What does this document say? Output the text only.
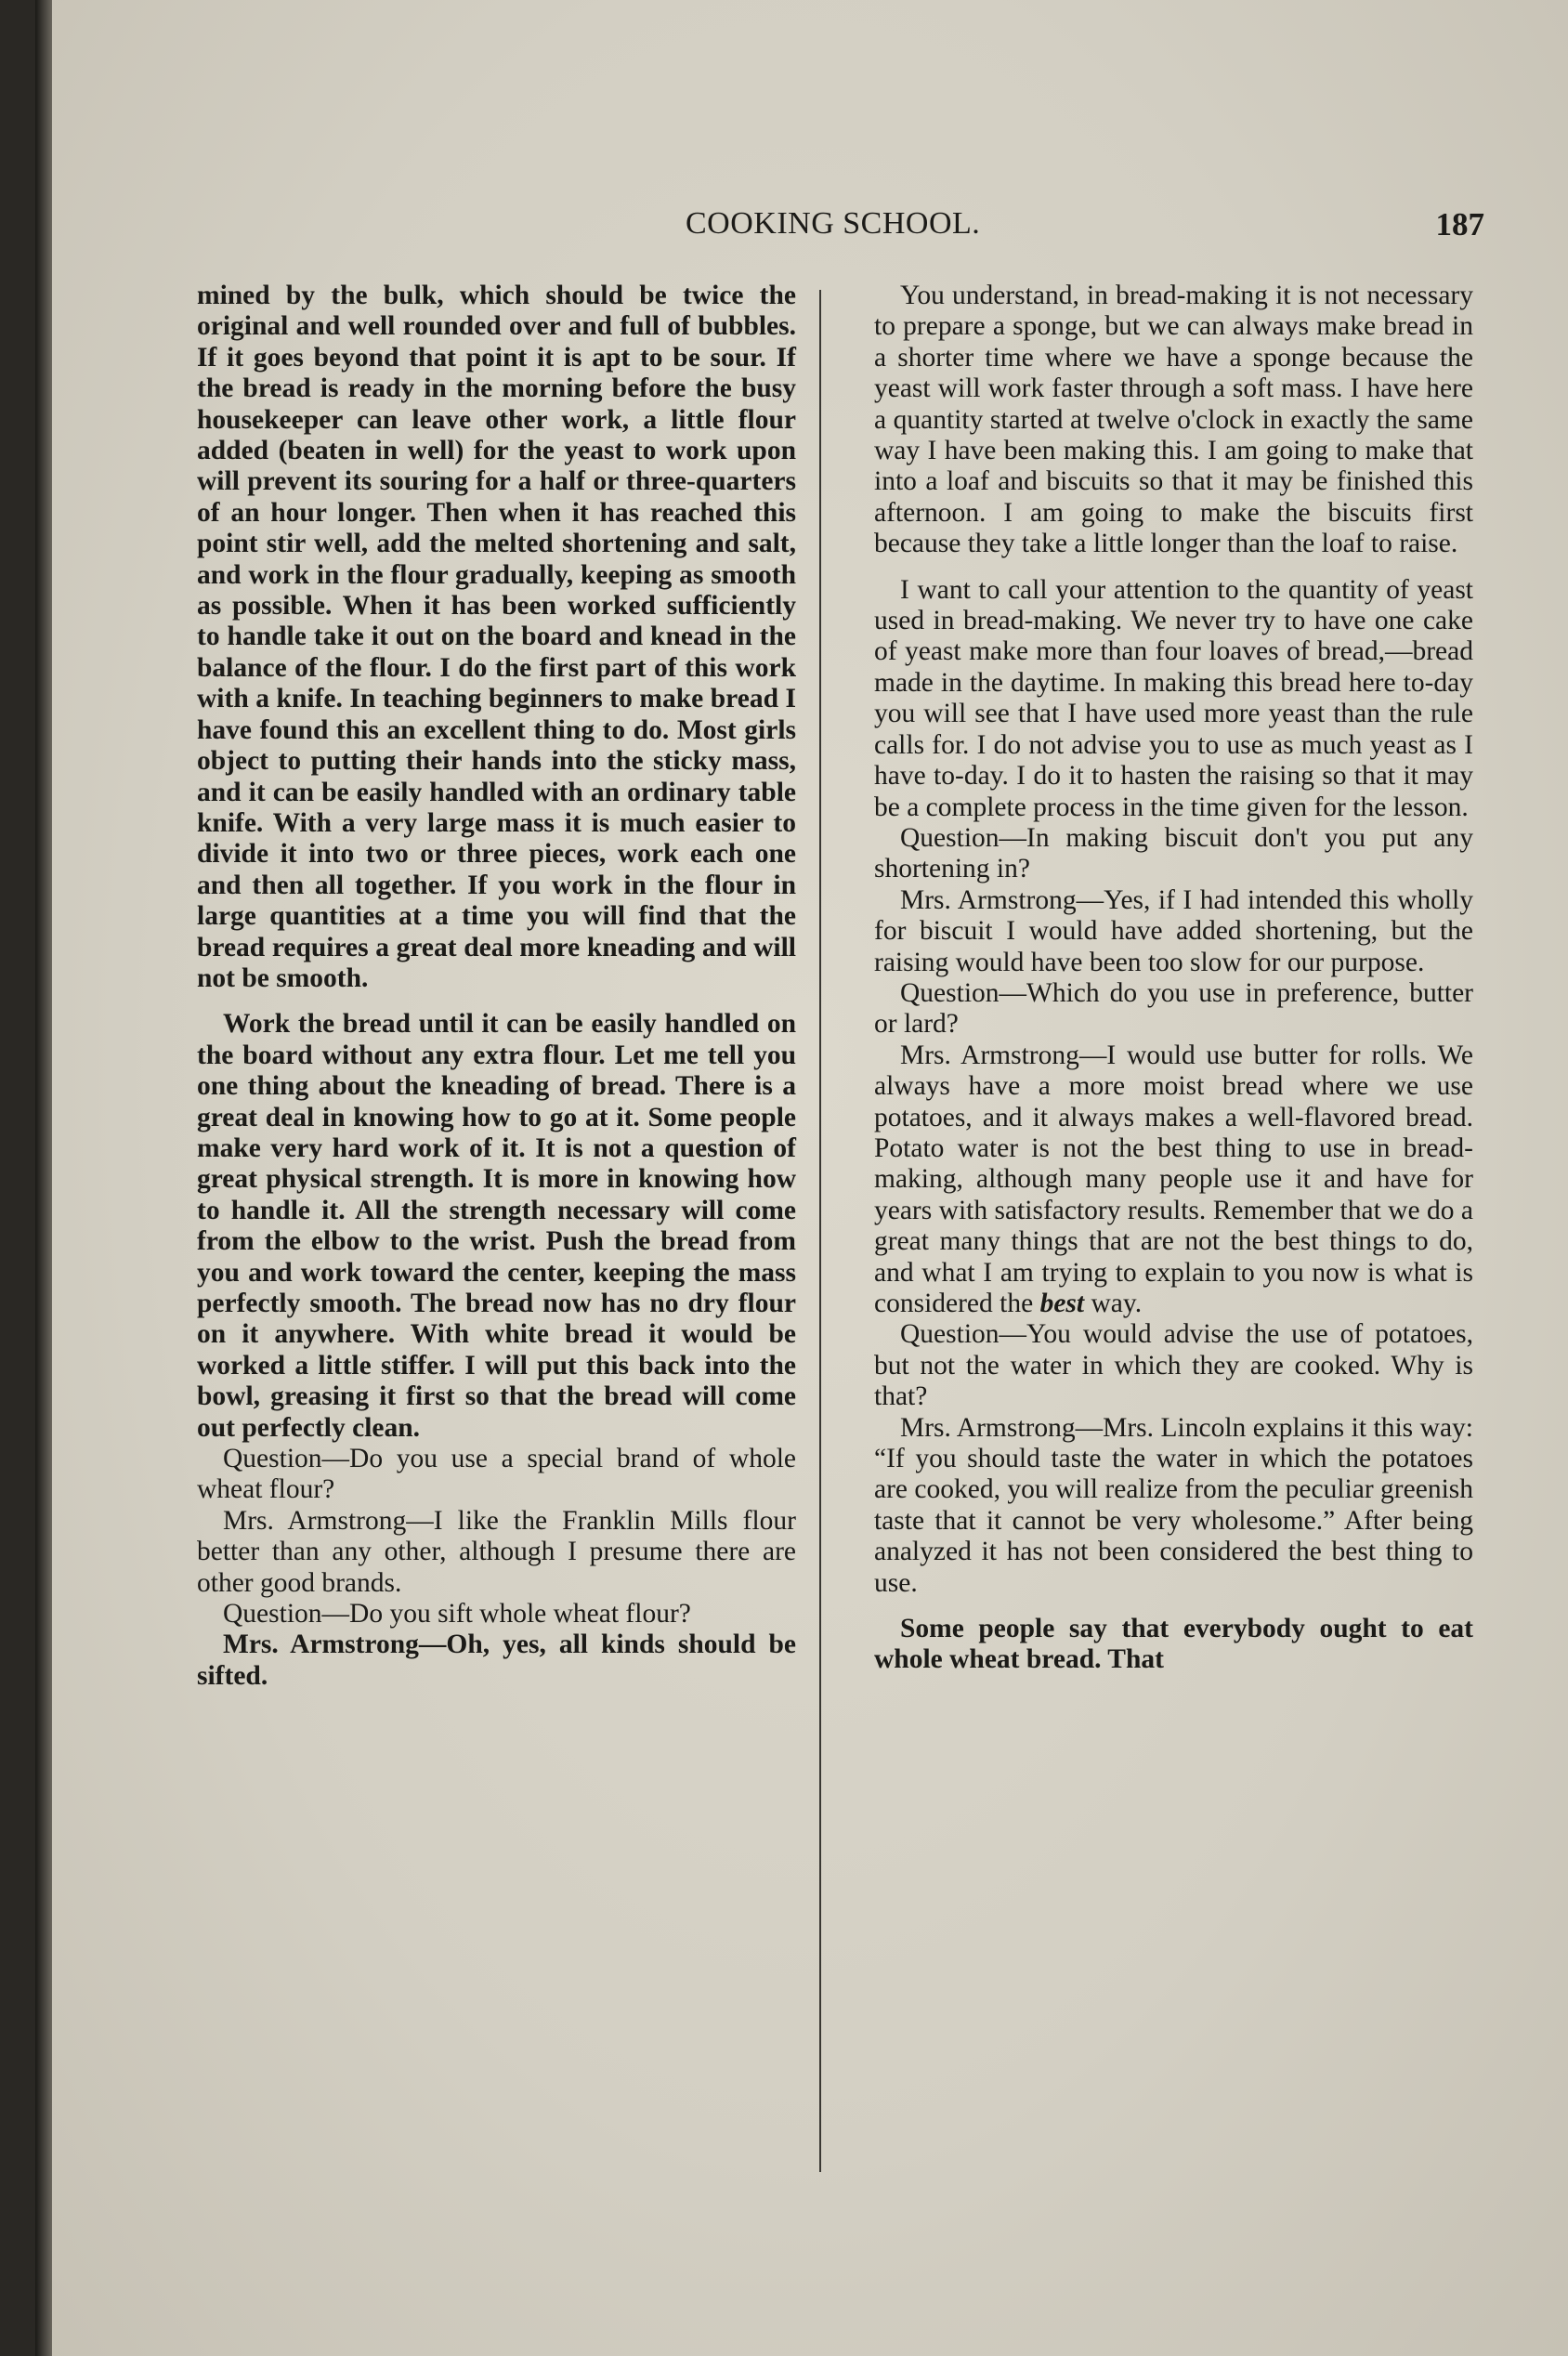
COOKING SCHOOL.	187

mined by the bulk, which should be twice the original and well rounded over and full of bubbles. If it goes beyond that point it is apt to be sour. If the bread is ready in the morning before the busy housekeeper can leave other work, a little flour added (beaten in well) for the yeast to work upon will prevent its souring for a half or three-quarters of an hour longer. Then when it has reached this point stir well, add the melted shortening and salt, and work in the flour gradually, keeping as smooth as possible. When it has been worked sufficiently to handle take it out on the board and knead in the balance of the flour. I do the first part of this work with a knife. In teaching beginners to make bread I have found this an excellent thing to do. Most girls object to putting their hands into the sticky mass, and it can be easily handled with an ordinary table knife. With a very large mass it is much easier to divide it into two or three pieces, work each one and then all together. If you work in the flour in large quantities at a time you will find that the bread requires a great deal more kneading and will not be smooth.

Work the bread until it can be easily handled on the board without any extra flour. Let me tell you one thing about the kneading of bread. There is a great deal in knowing how to go at it. Some people make very hard work of it. It is not a question of great physical strength. It is more in knowing how to handle it. All the strength necessary will come from the elbow to the wrist. Push the bread from you and work toward the center, keeping the mass perfectly smooth. The bread now has no dry flour on it anywhere. With white bread it would be worked a little stiffer. I will put this back into the bowl, greasing it first so that the bread will come out perfectly clean.

Question—Do you use a special brand of whole wheat flour?

Mrs. Armstrong—I like the Franklin Mills flour better than any other, although I presume there are other good brands.

Question—Do you sift whole wheat flour?

Mrs. Armstrong—Oh, yes, all kinds should be sifted.

You understand, in bread-making it is not necessary to prepare a sponge, but we can always make bread in a shorter time where we have a sponge because the yeast will work faster through a soft mass. I have here a quantity started at twelve o'clock in exactly the same way I have been making this. I am going to make that into a loaf and biscuits so that it may be finished this afternoon. I am going to make the biscuits first because they take a little longer than the loaf to raise.

I want to call your attention to the quantity of yeast used in bread-making. We never try to have one cake of yeast make more than four loaves of bread,—bread made in the daytime. In making this bread here to-day you will see that I have used more yeast than the rule calls for. I do not advise you to use as much yeast as I have to-day. I do it to hasten the raising so that it may be a complete process in the time given for the lesson.

Question—In making biscuit don't you put any shortening in?

Mrs. Armstrong—Yes, if I had intended this wholly for biscuit I would have added shortening, but the raising would have been too slow for our purpose.

Question—Which do you use in preference, butter or lard?

Mrs. Armstrong—I would use butter for rolls. We always have a more moist bread where we use potatoes, and it always makes a well-flavored bread. Potato water is not the best thing to use in bread-making, although many people use it and have for years with satisfactory results. Remember that we do a great many things that are not the best things to do, and what I am trying to explain to you now is what is considered the best way.

Question—You would advise the use of potatoes, but not the water in which they are cooked. Why is that?

Mrs. Armstrong—Mrs. Lincoln explains it this way: “If you should taste the water in which the potatoes are cooked, you will realize from the peculiar greenish taste that it cannot be very wholesome.” After being analyzed it has not been considered the best thing to use.

Some people say that everybody ought to eat whole wheat bread. That
